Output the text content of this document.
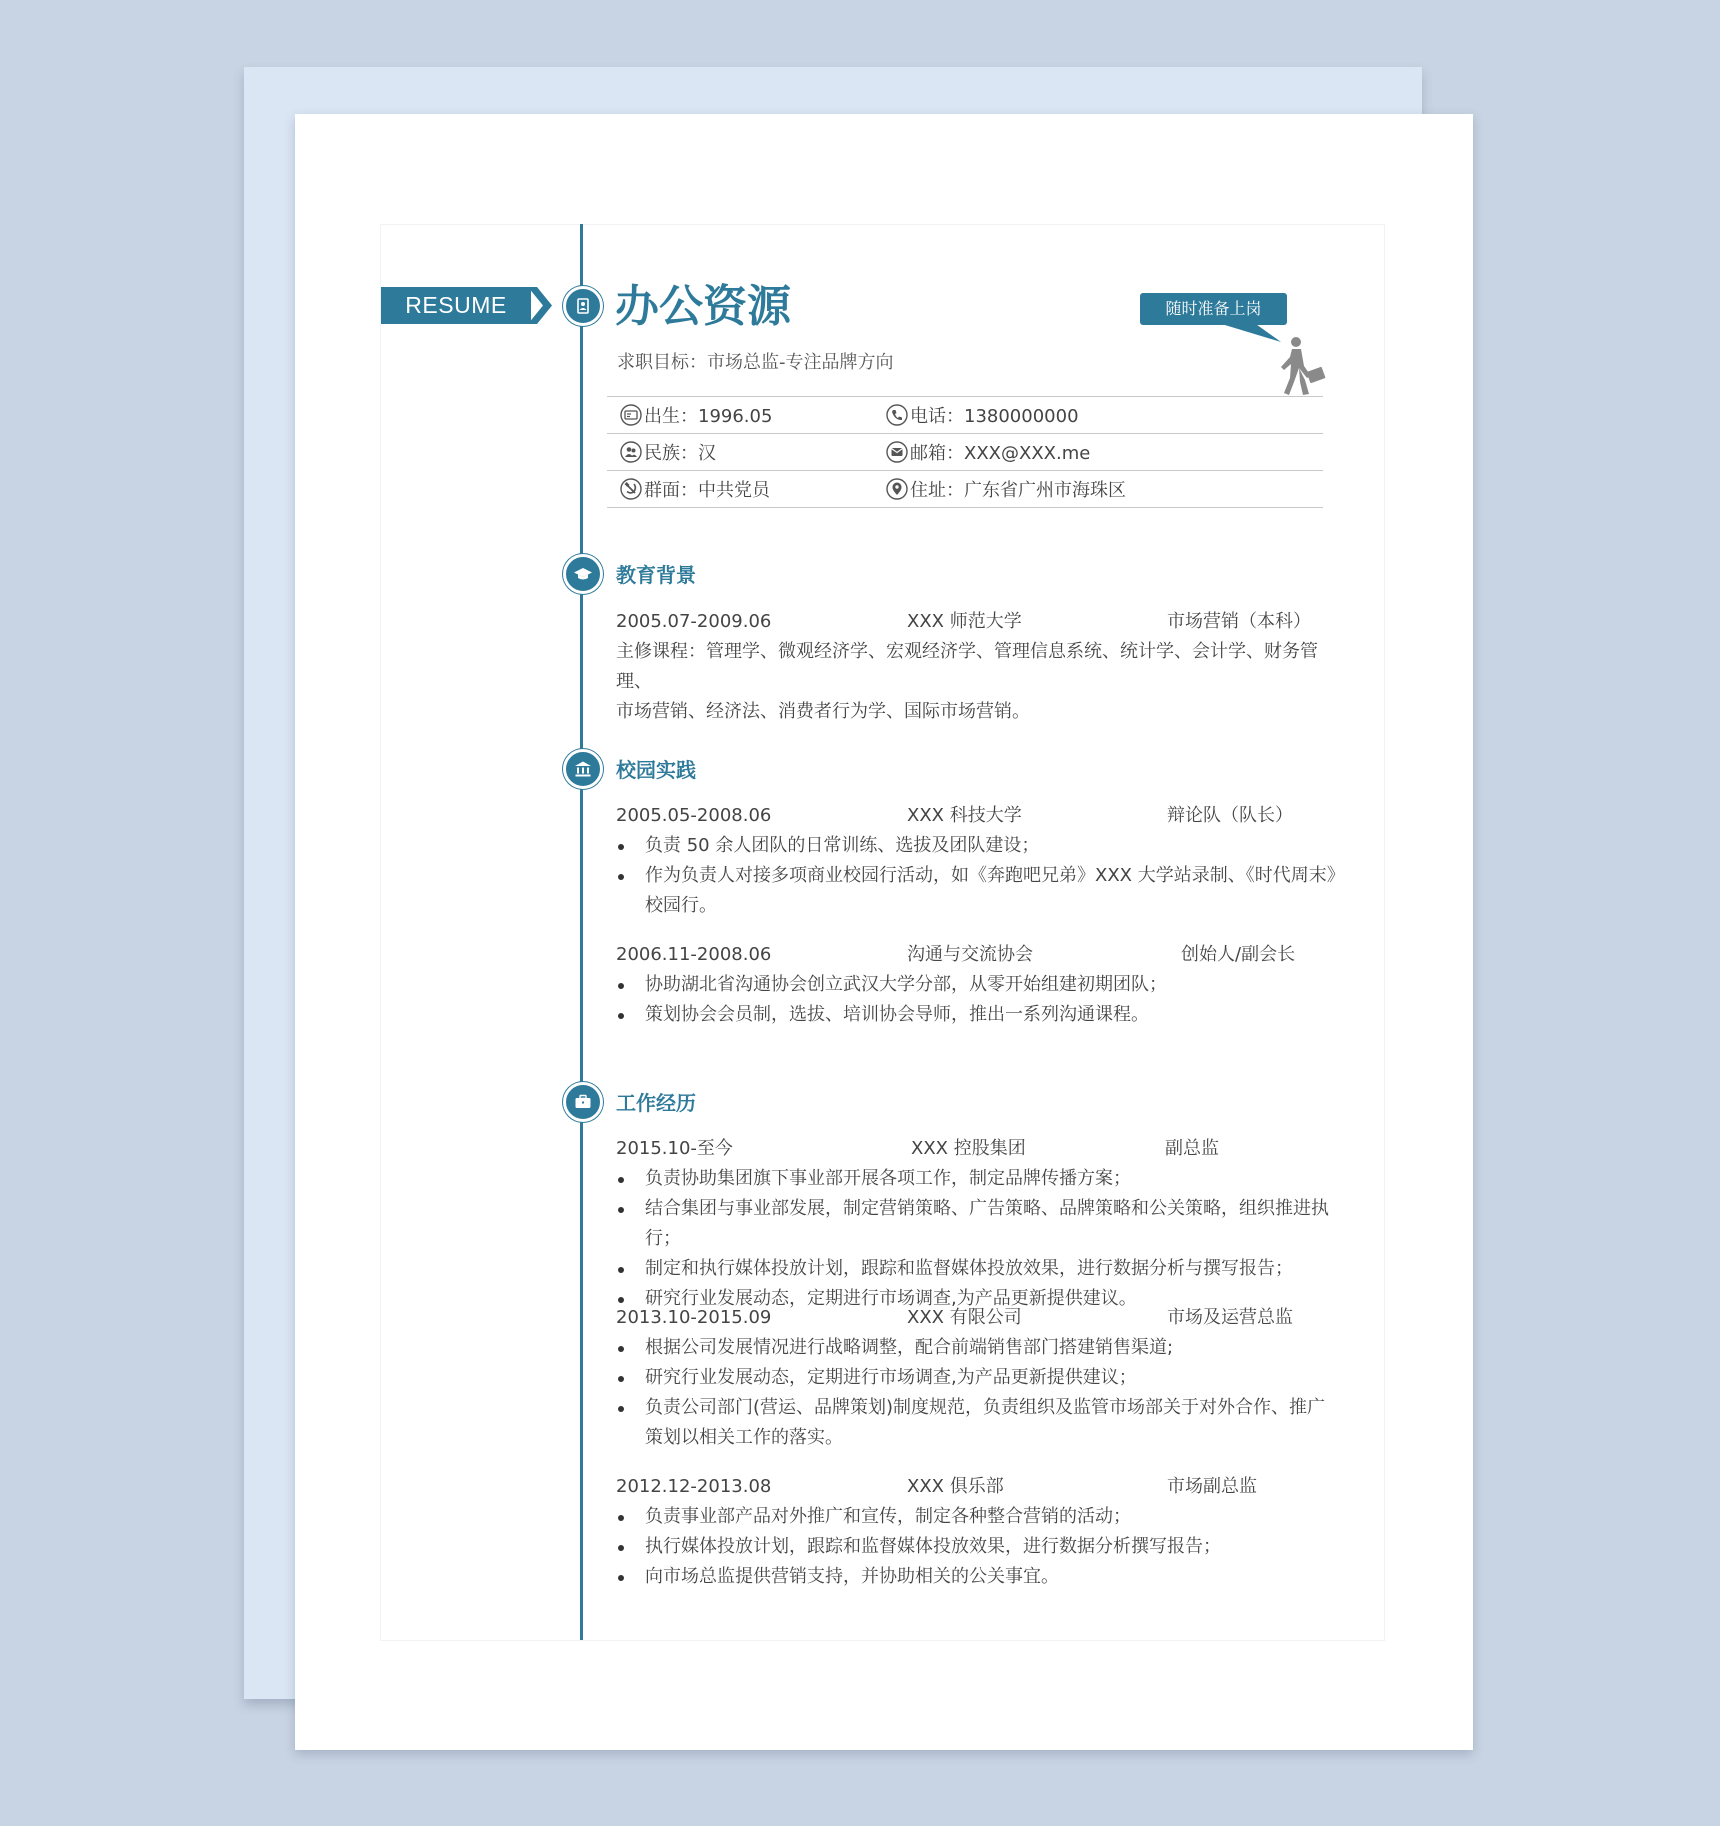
RESUME	办公资源
求职目标：市场总监-专注品牌方向
随时准备上岗
出生：1996.05	电话：1380000000
民族：汉	邮箱：XXX@XXX.me
群面：中共党员	住址：广东省广州市海珠区
教育背景
2005.07-2009.06	XXX 师范大学	市场营销（本科）
主修课程：管理学、微观经济学、宏观经济学、管理信息系统、统计学、会计学、财务管理、
市场营销、经济法、消费者行为学、国际市场营销。
校园实践
2005.05-2008.06	XXX 科技大学	辩论队（队长）
负责 50 余人团队的日常训练、选拔及团队建设；
作为负责人对接多项商业校园行活动，如《奔跑吧兄弟》XXX 大学站录制、《时代周末》校园行。
2006.11-2008.06	沟通与交流协会	创始人/副会长
协助湖北省沟通协会创立武汉大学分部，从零开始组建初期团队；
策划协会会员制，选拔、培训协会导师，推出一系列沟通课程。
工作经历
2015.10-至今	XXX 控股集团	副总监
负责协助集团旗下事业部开展各项工作，制定品牌传播方案；
结合集团与事业部发展，制定营销策略、广告策略、品牌策略和公关策略，组织推进执行；
制定和执行媒体投放计划，跟踪和监督媒体投放效果，进行数据分析与撰写报告；
研究行业发展动态，定期进行市场调查,为产品更新提供建议。
2013.10-2015.09	XXX 有限公司	市场及运营总监
根据公司发展情况进行战略调整，配合前端销售部门搭建销售渠道;
研究行业发展动态，定期进行市场调查,为产品更新提供建议；
负责公司部门(营运、品牌策划)制度规范，负责组织及监管市场部关于对外合作、推广策划以相关工作的落实。
2012.12-2013.08	XXX 俱乐部	市场副总监
负责事业部产品对外推广和宣传，制定各种整合营销的活动；
执行媒体投放计划，跟踪和监督媒体投放效果，进行数据分析撰写报告；
向市场总监提供营销支持，并协助相关的公关事宜。
